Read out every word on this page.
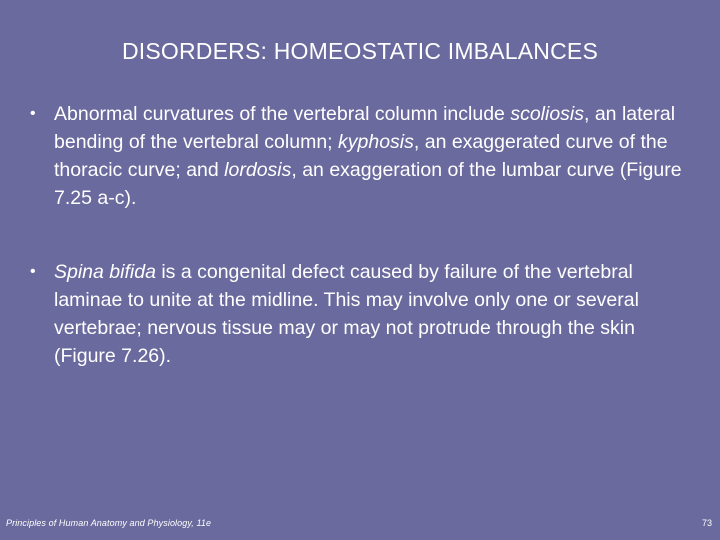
DISORDERS: HOMEOSTATIC IMBALANCES
• Abnormal curvatures of the vertebral column include scoliosis, an lateral bending of the vertebral column; kyphosis, an exaggerated curve of the thoracic curve; and lordosis, an exaggeration of the lumbar curve (Figure 7.25 a-c).
• Spina bifida is a congenital defect caused by failure of the vertebral laminae to unite at the midline. This may involve only one or several vertebrae; nervous tissue may or may not protrude through the skin (Figure 7.26).
Principles of Human Anatomy and Physiology, 11e	73
